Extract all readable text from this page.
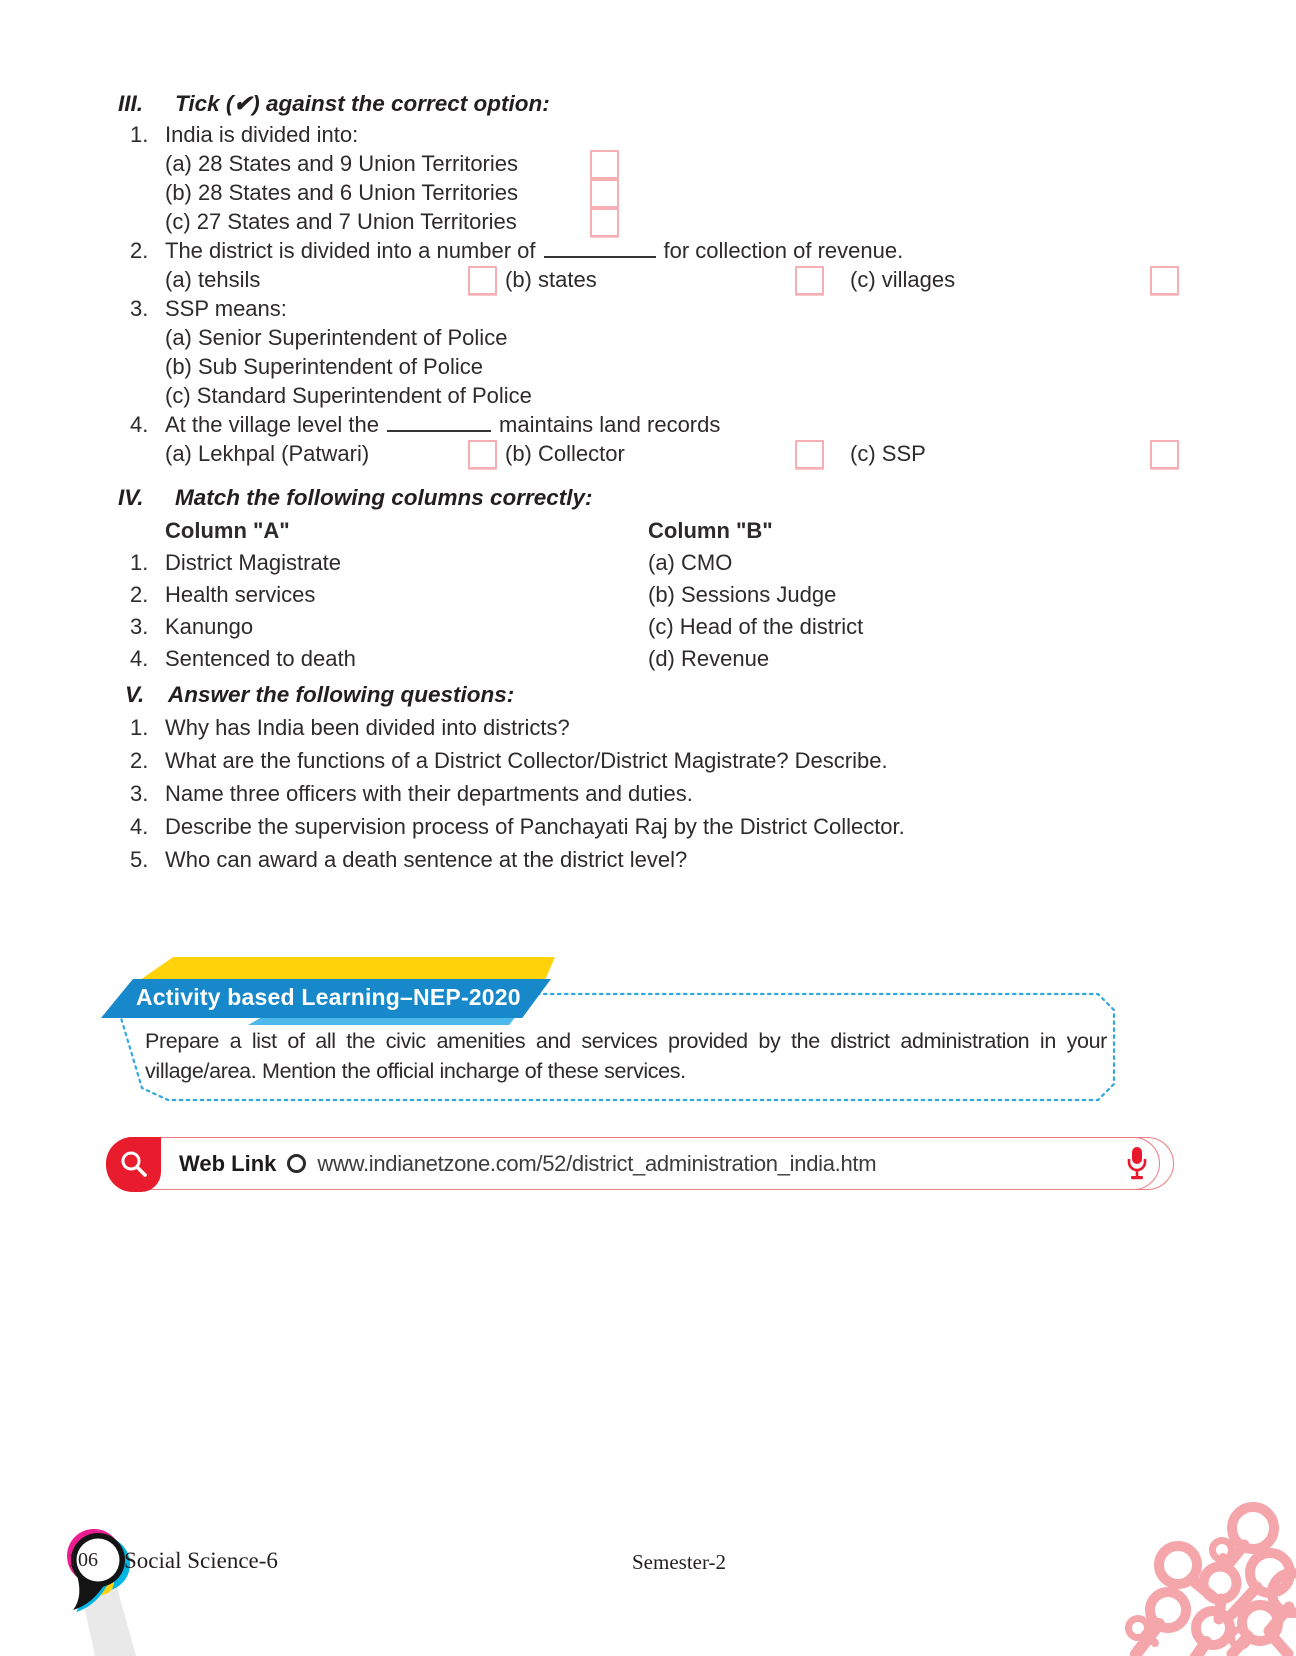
III. Tick (✔) against the correct option:
1. India is divided into:
(a) 28 States and 9 Union Territories
(b) 28 States and 6 Union Territories
(c) 27 States and 7 Union Territories
2. The district is divided into a number of	for collection of revenue.
(a) tehsils	(b) states	(c) villages
3. SSP means:
(a) Senior Superintendent of Police
(b) Sub Superintendent of Police
(c) Standard Superintendent of Police
4. At the village level the	maintains land records
(a) Lekhpal (Patwari)	(b) Collector	(c) SSP
IV. Match the following columns correctly:
Column "A"	Column "B"
1. District Magistrate	(a) CMO
2. Health services	(b) Sessions Judge
3. Kanungo	(c) Head of the district
4. Sentenced to death	(d) Revenue
V. Answer the following questions:
1. Why has India been divided into districts?
2. What are the functions of a District Collector/District Magistrate? Describe.
3. Name three officers with their departments and duties.
4. Describe the supervision process of Panchayati Raj by the District Collector.
5. Who can award a death sentence at the district level?
Activity based Learning–NEP-2020
Prepare a list of all the civic amenities and services provided by the district administration in your
village/area. Mention the official incharge of these services.
Web Link www.indianetzone.com/52/district_administration_india.htm
106	Social Science-6	Semester-2
